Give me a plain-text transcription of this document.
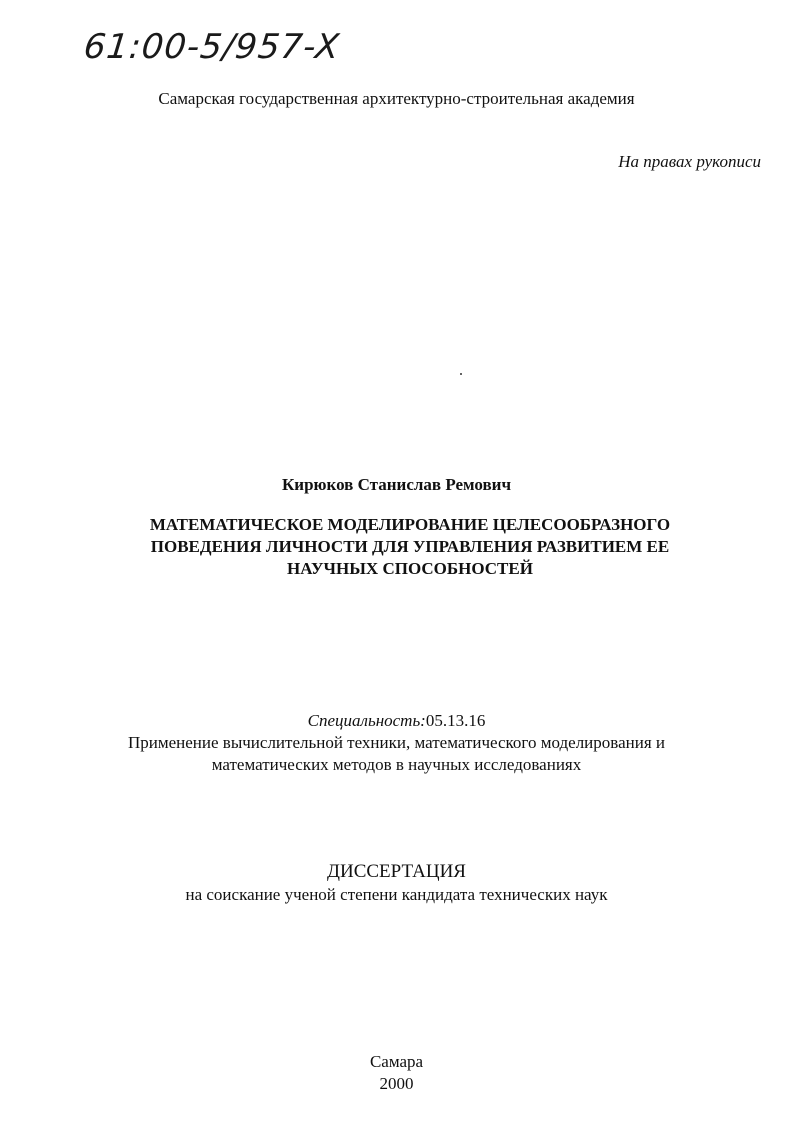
61:00-5/957-X
Самарская государственная архитектурно-строительная академия
На правах рукописи
Кирюков Станислав Ремович
МАТЕМАТИЧЕСКОЕ МОДЕЛИРОВАНИЕ ЦЕЛЕСООБРАЗНОГО
ПОВЕДЕНИЯ ЛИЧНОСТИ ДЛЯ УПРАВЛЕНИЯ РАЗВИТИЕМ ЕЕ
НАУЧНЫХ СПОСОБНОСТЕЙ
Специальность:05.13.16
Применение вычислительной техники, математического моделирования и
математических методов в научных исследованиях
ДИССЕРТАЦИЯ
на соискание ученой степени кандидата технических наук
Самара
2000
